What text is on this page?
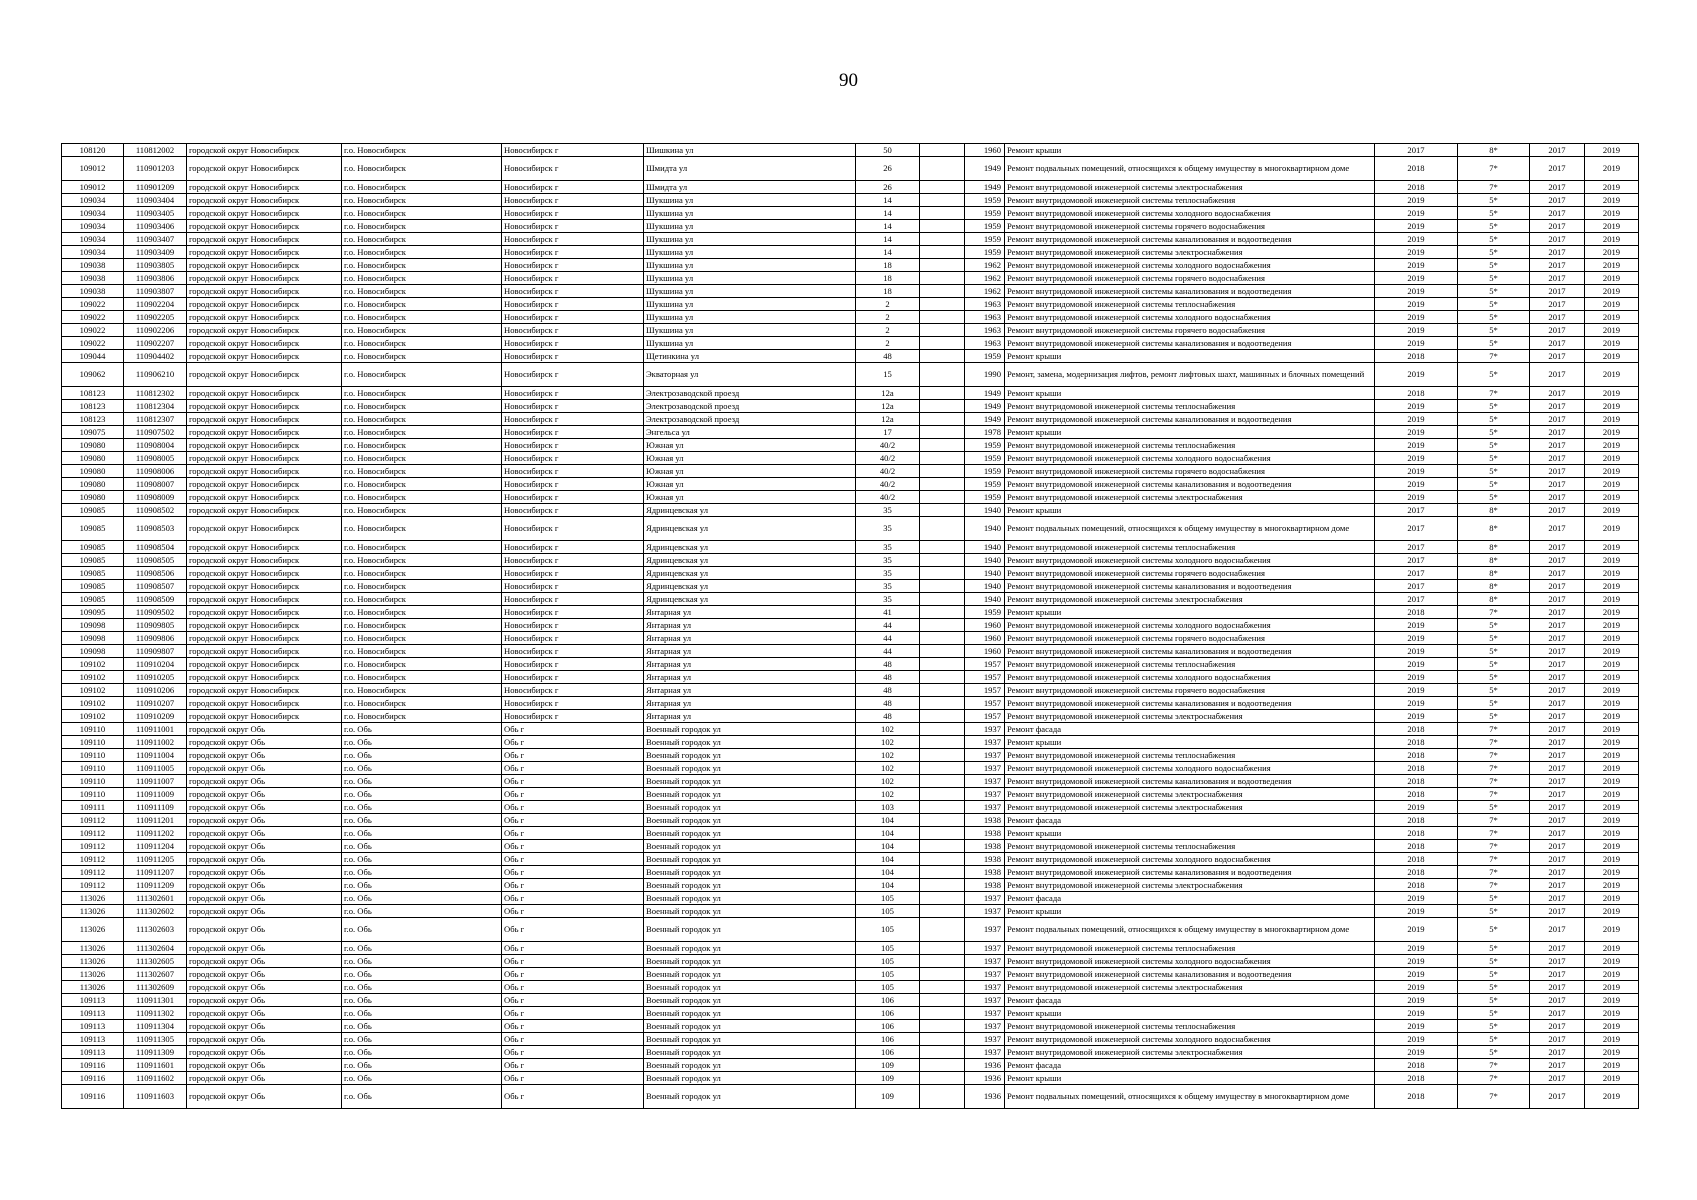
90
108120	110812002	городской округ Новосибирск	г.о. Новосибирск	Новосибирск г	Шишкина ул	50		1960	Ремонт крыши	2017	8*	2017	2019
109012	110901203	городской округ Новосибирск	г.о. Новосибирск	Новосибирск г	Шмидта ул	26		1949	Ремонт подвальных помещений, относящихся к общему имуществу в многоквартирном доме	2018	7*	2017	2019
109012	110901209	городской округ Новосибирск	г.о. Новосибирск	Новосибирск г	Шмидта ул	26		1949	Ремонт внутридомовой инженерной системы электроснабжения	2018	7*	2017	2019
109034	110903404	городской округ Новосибирск	г.о. Новосибирск	Новосибирск г	Шукшина ул	14		1959	Ремонт внутридомовой инженерной системы теплоснабжения	2019	5*	2017	2019
109034	110903405	городской округ Новосибирск	г.о. Новосибирск	Новосибирск г	Шукшина ул	14		1959	Ремонт внутридомовой инженерной системы холодного водоснабжения	2019	5*	2017	2019
109034	110903406	городской округ Новосибирск	г.о. Новосибирск	Новосибирск г	Шукшина ул	14		1959	Ремонт внутридомовой инженерной системы горячего водоснабжения	2019	5*	2017	2019
109034	110903407	городской округ Новосибирск	г.о. Новосибирск	Новосибирск г	Шукшина ул	14		1959	Ремонт внутридомовой инженерной системы канализования и водоотведения	2019	5*	2017	2019
109034	110903409	городской округ Новосибирск	г.о. Новосибирск	Новосибирск г	Шукшина ул	14		1959	Ремонт внутридомовой инженерной системы электроснабжения	2019	5*	2017	2019
109038	110903805	городской округ Новосибирск	г.о. Новосибирск	Новосибирск г	Шукшина ул	18		1962	Ремонт внутридомовой инженерной системы холодного водоснабжения	2019	5*	2017	2019
109038	110903806	городской округ Новосибирск	г.о. Новосибирск	Новосибирск г	Шукшина ул	18		1962	Ремонт внутридомовой инженерной системы горячего водоснабжения	2019	5*	2017	2019
109038	110903807	городской округ Новосибирск	г.о. Новосибирск	Новосибирск г	Шукшина ул	18		1962	Ремонт внутридомовой инженерной системы канализования и водоотведения	2019	5*	2017	2019
109022	110902204	городской округ Новосибирск	г.о. Новосибирск	Новосибирск г	Шукшина ул	2		1963	Ремонт внутридомовой инженерной системы теплоснабжения	2019	5*	2017	2019
109022	110902205	городской округ Новосибирск	г.о. Новосибирск	Новосибирск г	Шукшина ул	2		1963	Ремонт внутридомовой инженерной системы холодного водоснабжения	2019	5*	2017	2019
109022	110902206	городской округ Новосибирск	г.о. Новосибирск	Новосибирск г	Шукшина ул	2		1963	Ремонт внутридомовой инженерной системы горячего водоснабжения	2019	5*	2017	2019
109022	110902207	городской округ Новосибирск	г.о. Новосибирск	Новосибирск г	Шукшина ул	2		1963	Ремонт внутридомовой инженерной системы канализования и водоотведения	2019	5*	2017	2019
109044	110904402	городской округ Новосибирск	г.о. Новосибирск	Новосибирск г	Щетинкина ул	48		1959	Ремонт крыши	2018	7*	2017	2019
109062	110906210	городской округ Новосибирск	г.о. Новосибирск	Новосибирск г	Экваторная ул	15		1990	Ремонт, замена, модернизация лифтов, ремонт лифтовых шахт, машинных и блочных помещений	2019	5*	2017	2019
108123	110812302	городской округ Новосибирск	г.о. Новосибирск	Новосибирск г	Электрозаводской проезд	12а		1949	Ремонт крыши	2018	7*	2017	2019
108123	110812304	городской округ Новосибирск	г.о. Новосибирск	Новосибирск г	Электрозаводской проезд	12а		1949	Ремонт внутридомовой инженерной системы теплоснабжения	2019	5*	2017	2019
108123	110812307	городской округ Новосибирск	г.о. Новосибирск	Новосибирск г	Электрозаводской проезд	12а		1949	Ремонт внутридомовой инженерной системы канализования и водоотведения	2019	5*	2017	2019
109075	110907502	городской округ Новосибирск	г.о. Новосибирск	Новосибирск г	Энгельса ул	17		1978	Ремонт крыши	2019	5*	2017	2019
109080	110908004	городской округ Новосибирск	г.о. Новосибирск	Новосибирск г	Южная ул	40/2		1959	Ремонт внутридомовой инженерной системы теплоснабжения	2019	5*	2017	2019
109080	110908005	городской округ Новосибирск	г.о. Новосибирск	Новосибирск г	Южная ул	40/2		1959	Ремонт внутридомовой инженерной системы холодного водоснабжения	2019	5*	2017	2019
109080	110908006	городской округ Новосибирск	г.о. Новосибирск	Новосибирск г	Южная ул	40/2		1959	Ремонт внутридомовой инженерной системы горячего водоснабжения	2019	5*	2017	2019
109080	110908007	городской округ Новосибирск	г.о. Новосибирск	Новосибирск г	Южная ул	40/2		1959	Ремонт внутридомовой инженерной системы канализования и водоотведения	2019	5*	2017	2019
109080	110908009	городской округ Новосибирск	г.о. Новосибирск	Новосибирск г	Южная ул	40/2		1959	Ремонт внутридомовой инженерной системы электроснабжения	2019	5*	2017	2019
109085	110908502	городской округ Новосибирск	г.о. Новосибирск	Новосибирск г	Ядринцевская ул	35		1940	Ремонт крыши	2017	8*	2017	2019
109085	110908503	городской округ Новосибирск	г.о. Новосибирск	Новосибирск г	Ядринцевская ул	35		1940	Ремонт подвальных помещений, относящихся к общему имуществу в многоквартирном доме	2017	8*	2017	2019
109085	110908504	городской округ Новосибирск	г.о. Новосибирск	Новосибирск г	Ядринцевская ул	35		1940	Ремонт внутридомовой инженерной системы теплоснабжения	2017	8*	2017	2019
109085	110908505	городской округ Новосибирск	г.о. Новосибирск	Новосибирск г	Ядринцевская ул	35		1940	Ремонт внутридомовой инженерной системы холодного водоснабжения	2017	8*	2017	2019
109085	110908506	городской округ Новосибирск	г.о. Новосибирск	Новосибирск г	Ядринцевская ул	35		1940	Ремонт внутридомовой инженерной системы горячего водоснабжения	2017	8*	2017	2019
109085	110908507	городской округ Новосибирск	г.о. Новосибирск	Новосибирск г	Ядринцевская ул	35		1940	Ремонт внутридомовой инженерной системы канализования и водоотведения	2017	8*	2017	2019
109085	110908509	городской округ Новосибирск	г.о. Новосибирск	Новосибирск г	Ядринцевская ул	35		1940	Ремонт внутридомовой инженерной системы электроснабжения	2017	8*	2017	2019
109095	110909502	городской округ Новосибирск	г.о. Новосибирск	Новосибирск г	Янтарная ул	41		1959	Ремонт крыши	2018	7*	2017	2019
109098	110909805	городской округ Новосибирск	г.о. Новосибирск	Новосибирск г	Янтарная ул	44		1960	Ремонт внутридомовой инженерной системы холодного водоснабжения	2019	5*	2017	2019
109098	110909806	городской округ Новосибирск	г.о. Новосибирск	Новосибирск г	Янтарная ул	44		1960	Ремонт внутридомовой инженерной системы горячего водоснабжения	2019	5*	2017	2019
109098	110909807	городской округ Новосибирск	г.о. Новосибирск	Новосибирск г	Янтарная ул	44		1960	Ремонт внутридомовой инженерной системы канализования и водоотведения	2019	5*	2017	2019
109102	110910204	городской округ Новосибирск	г.о. Новосибирск	Новосибирск г	Янтарная ул	48		1957	Ремонт внутридомовой инженерной системы теплоснабжения	2019	5*	2017	2019
109102	110910205	городской округ Новосибирск	г.о. Новосибирск	Новосибирск г	Янтарная ул	48		1957	Ремонт внутридомовой инженерной системы холодного водоснабжения	2019	5*	2017	2019
109102	110910206	городской округ Новосибирск	г.о. Новосибирск	Новосибирск г	Янтарная ул	48		1957	Ремонт внутридомовой инженерной системы горячего водоснабжения	2019	5*	2017	2019
109102	110910207	городской округ Новосибирск	г.о. Новосибирск	Новосибирск г	Янтарная ул	48		1957	Ремонт внутридомовой инженерной системы канализования и водоотведения	2019	5*	2017	2019
109102	110910209	городской округ Новосибирск	г.о. Новосибирск	Новосибирск г	Янтарная ул	48		1957	Ремонт внутридомовой инженерной системы электроснабжения	2019	5*	2017	2019
109110	110911001	городской округ Обь	г.о. Обь	Обь г	Военный городок ул	102		1937	Ремонт фасада	2018	7*	2017	2019
109110	110911002	городской округ Обь	г.о. Обь	Обь г	Военный городок ул	102		1937	Ремонт крыши	2018	7*	2017	2019
109110	110911004	городской округ Обь	г.о. Обь	Обь г	Военный городок ул	102		1937	Ремонт внутридомовой инженерной системы теплоснабжения	2018	7*	2017	2019
109110	110911005	городской округ Обь	г.о. Обь	Обь г	Военный городок ул	102		1937	Ремонт внутридомовой инженерной системы холодного водоснабжения	2018	7*	2017	2019
109110	110911007	городской округ Обь	г.о. Обь	Обь г	Военный городок ул	102		1937	Ремонт внутридомовой инженерной системы канализования и водоотведения	2018	7*	2017	2019
109110	110911009	городской округ Обь	г.о. Обь	Обь г	Военный городок ул	102		1937	Ремонт внутридомовой инженерной системы электроснабжения	2018	7*	2017	2019
109111	110911109	городской округ Обь	г.о. Обь	Обь г	Военный городок ул	103		1937	Ремонт внутридомовой инженерной системы электроснабжения	2019	5*	2017	2019
109112	110911201	городской округ Обь	г.о. Обь	Обь г	Военный городок ул	104		1938	Ремонт фасада	2018	7*	2017	2019
109112	110911202	городской округ Обь	г.о. Обь	Обь г	Военный городок ул	104		1938	Ремонт крыши	2018	7*	2017	2019
109112	110911204	городской округ Обь	г.о. Обь	Обь г	Военный городок ул	104		1938	Ремонт внутридомовой инженерной системы теплоснабжения	2018	7*	2017	2019
109112	110911205	городской округ Обь	г.о. Обь	Обь г	Военный городок ул	104		1938	Ремонт внутридомовой инженерной системы холодного водоснабжения	2018	7*	2017	2019
109112	110911207	городской округ Обь	г.о. Обь	Обь г	Военный городок ул	104		1938	Ремонт внутридомовой инженерной системы канализования и водоотведения	2018	7*	2017	2019
109112	110911209	городской округ Обь	г.о. Обь	Обь г	Военный городок ул	104		1938	Ремонт внутридомовой инженерной системы электроснабжения	2018	7*	2017	2019
113026	111302601	городской округ Обь	г.о. Обь	Обь г	Военный городок ул	105		1937	Ремонт фасада	2019	5*	2017	2019
113026	111302602	городской округ Обь	г.о. Обь	Обь г	Военный городок ул	105		1937	Ремонт крыши	2019	5*	2017	2019
113026	111302603	городской округ Обь	г.о. Обь	Обь г	Военный городок ул	105		1937	Ремонт подвальных помещений, относящихся к общему имуществу в многоквартирном доме	2019	5*	2017	2019
113026	111302604	городской округ Обь	г.о. Обь	Обь г	Военный городок ул	105		1937	Ремонт внутридомовой инженерной системы теплоснабжения	2019	5*	2017	2019
113026	111302605	городской округ Обь	г.о. Обь	Обь г	Военный городок ул	105		1937	Ремонт внутридомовой инженерной системы холодного водоснабжения	2019	5*	2017	2019
113026	111302607	городской округ Обь	г.о. Обь	Обь г	Военный городок ул	105		1937	Ремонт внутридомовой инженерной системы канализования и водоотведения	2019	5*	2017	2019
113026	111302609	городской округ Обь	г.о. Обь	Обь г	Военный городок ул	105		1937	Ремонт внутридомовой инженерной системы электроснабжения	2019	5*	2017	2019
109113	110911301	городской округ Обь	г.о. Обь	Обь г	Военный городок ул	106		1937	Ремонт фасада	2019	5*	2017	2019
109113	110911302	городской округ Обь	г.о. Обь	Обь г	Военный городок ул	106		1937	Ремонт крыши	2019	5*	2017	2019
109113	110911304	городской округ Обь	г.о. Обь	Обь г	Военный городок ул	106		1937	Ремонт внутридомовой инженерной системы теплоснабжения	2019	5*	2017	2019
109113	110911305	городской округ Обь	г.о. Обь	Обь г	Военный городок ул	106		1937	Ремонт внутридомовой инженерной системы холодного водоснабжения	2019	5*	2017	2019
109113	110911309	городской округ Обь	г.о. Обь	Обь г	Военный городок ул	106		1937	Ремонт внутридомовой инженерной системы электроснабжения	2019	5*	2017	2019
109116	110911601	городской округ Обь	г.о. Обь	Обь г	Военный городок ул	109		1936	Ремонт фасада	2018	7*	2017	2019
109116	110911602	городской округ Обь	г.о. Обь	Обь г	Военный городок ул	109		1936	Ремонт крыши	2018	7*	2017	2019
109116	110911603	городской округ Обь	г.о. Обь	Обь г	Военный городок ул	109		1936	Ремонт подвальных помещений, относящихся к общему имуществу в многоквартирном доме	2018	7*	2017	2019
